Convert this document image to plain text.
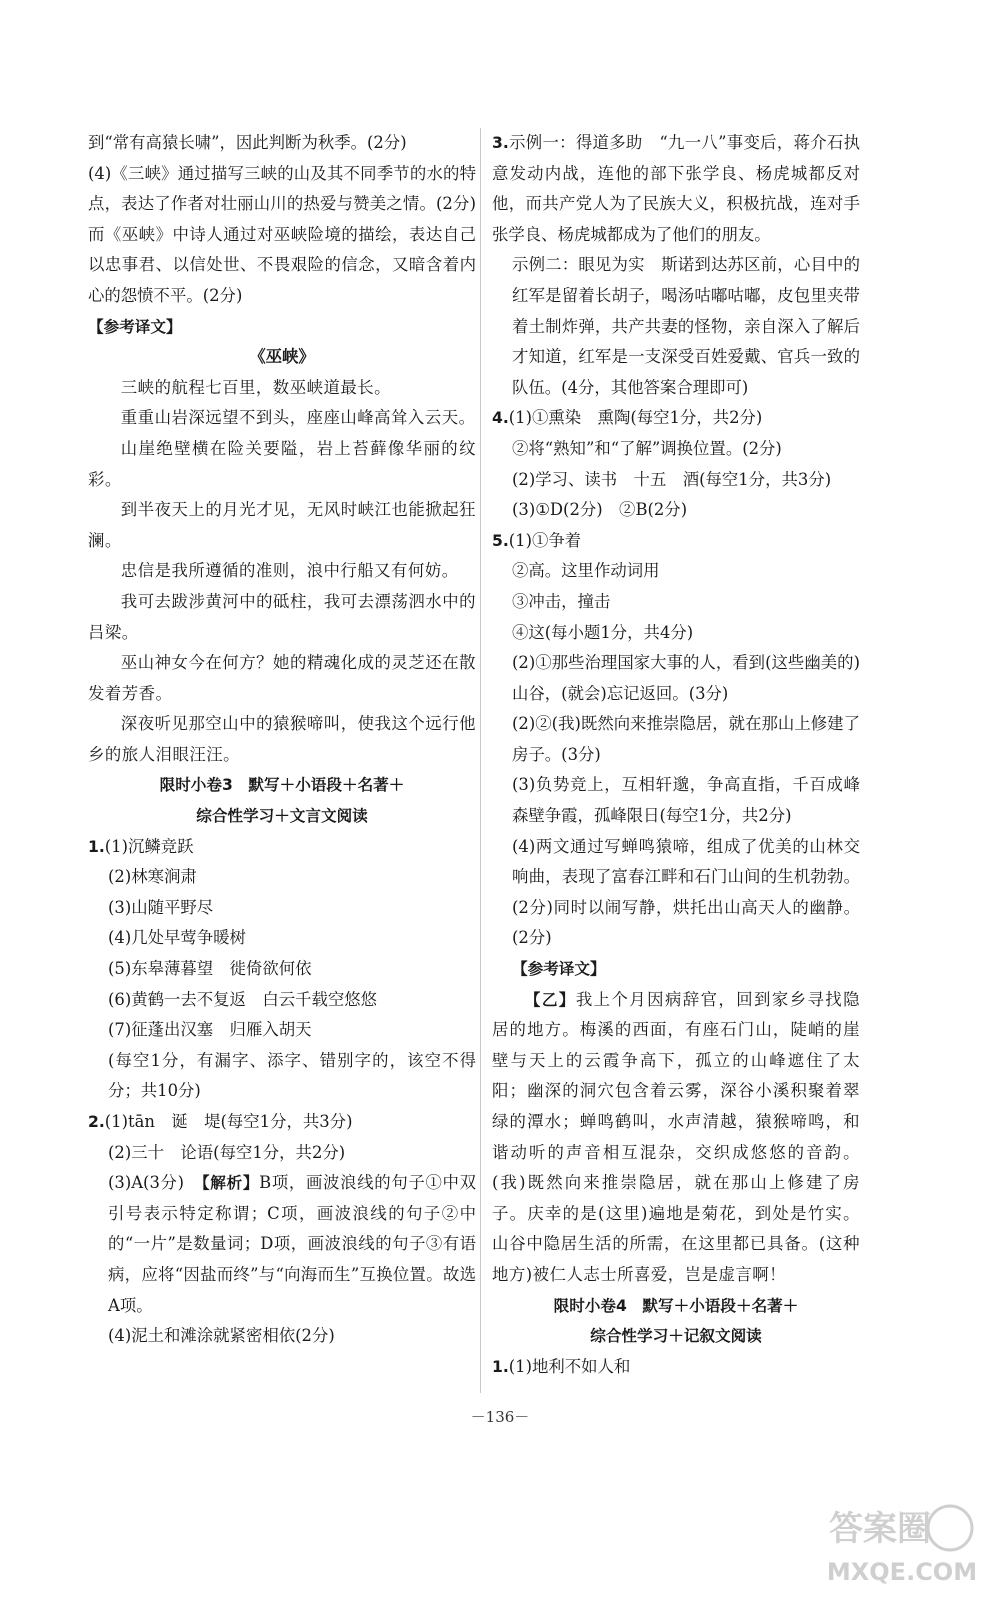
到“常有高猿长啸”，因此判断为秋季。(2分)

(4)《三峡》通过描写三峡的山及其不同季节的水的特点，表达了作者对壮丽山川的热爱与赞美之情。(2分)而《巫峡》中诗人通过对巫峡险境的描绘，表达自己以忠事君、以信处世、不畏艰险的信念，又暗含着内心的怨愤不平。(2分)

【参考译文】

《巫峡》

三峡的航程七百里，数巫峡道最长。

重重山岩深远望不到头，座座山峰高耸入云天。

山崖绝壁横在险关要隘，岩上苔藓像华丽的纹彩。

到半夜天上的月光才见，无风时峡江也能掀起狂澜。

忠信是我所遵循的准则，浪中行船又有何妨。

我可去跋涉黄河中的砥柱，我可去漂荡泗水中的吕梁。

巫山神女今在何方？她的精魂化成的灵芝还在散发着芳香。

深夜听见那空山中的猿猴啼叫，使我这个远行他乡的旅人泪眼汪汪。

限时小卷3　默写＋小语段＋名著＋

综合性学习＋文言文阅读

1.(1)沉鳞竞跃

(2)林寒涧肃

(3)山随平野尽

(4)几处早莺争暖树

(5)东皋薄暮望　徙倚欲何依

(6)黄鹤一去不复返　白云千载空悠悠

(7)征蓬出汉塞　归雁入胡天

(每空1分，有漏字、添字、错别字的，该空不得分；共10分)

2.(1)tān　诞　堤(每空1分，共3分)

(2)三十　论语(每空1分，共2分)

(3)A(3分)　 【解析】B项，画波浪线的句子①中双引号表示特定称谓；C项，画波浪线的句子②中的“一片”是数量词；D项，画波浪线的句子③有语病，应将“因盐而终”与“向海而生”互换位置。故选A项。

(4)泥土和滩涂就紧密相依(2分)

3.示例一：得道多助　“九一八”事变后，蒋介石执意发动内战，连他的部下张学良、杨虎城都反对他，而共产党人为了民族大义，积极抗战，连对手张学良、杨虎城都成为了他们的朋友。

示例二：眼见为实　斯诺到达苏区前，心目中的红军是留着长胡子，喝汤咕嘟咕嘟，皮包里夹带着土制炸弹，共产共妻的怪物，亲自深入了解后才知道，红军是一支深受百姓爱戴、官兵一致的队伍。(4分，其他答案合理即可)

4.(1)①熏染　熏陶(每空1分，共2分)

②将“熟知”和“了解”调换位置。(2分)

(2)学习、读书　十五　酒(每空1分，共3分)

(3)①D(2分)　②B(2分)

5.(1)①争着

②高。这里作动词用

③冲击，撞击

④这(每小题1分，共4分)

(2)①那些治理国家大事的人，看到(这些幽美的)山谷，(就会)忘记返回。(3分)

(2)②(我)既然向来推崇隐居，就在那山上修建了房子。(3分)

(3)负势竞上，互相轩邈，争高直指，千百成峰　森壁争霞，孤峰限日(每空1分，共2分)

(4)两文通过写蝉鸣猿啼，组成了优美的山林交响曲，表现了富春江畔和石门山间的生机勃勃。(2分)同时以闹写静，烘托出山高天人的幽静。(2分)

【参考译文】

【乙】我上个月因病辞官，回到家乡寻找隐居的地方。梅溪的西面，有座石门山，陡峭的崖壁与天上的云霞争高下，孤立的山峰遮住了太阳；幽深的洞穴包含着云雾，深谷小溪积聚着翠绿的潭水；蝉鸣鹤叫，水声清越，猿猴啼鸣，和谐动听的声音相互混杂，交织成悠悠的音韵。(我)既然向来推崇隐居，就在那山上修建了房子。庆幸的是(这里)遍地是菊花，到处是竹实。山谷中隐居生活的所需，在这里都已具备。(这种地方)被仁人志士所喜爱，岂是虚言啊！

限时小卷4　默写＋小语段＋名著＋

综合性学习＋记叙文阅读

1.(1)地利不如人和

－136－
答案圈
MXQE.COM
